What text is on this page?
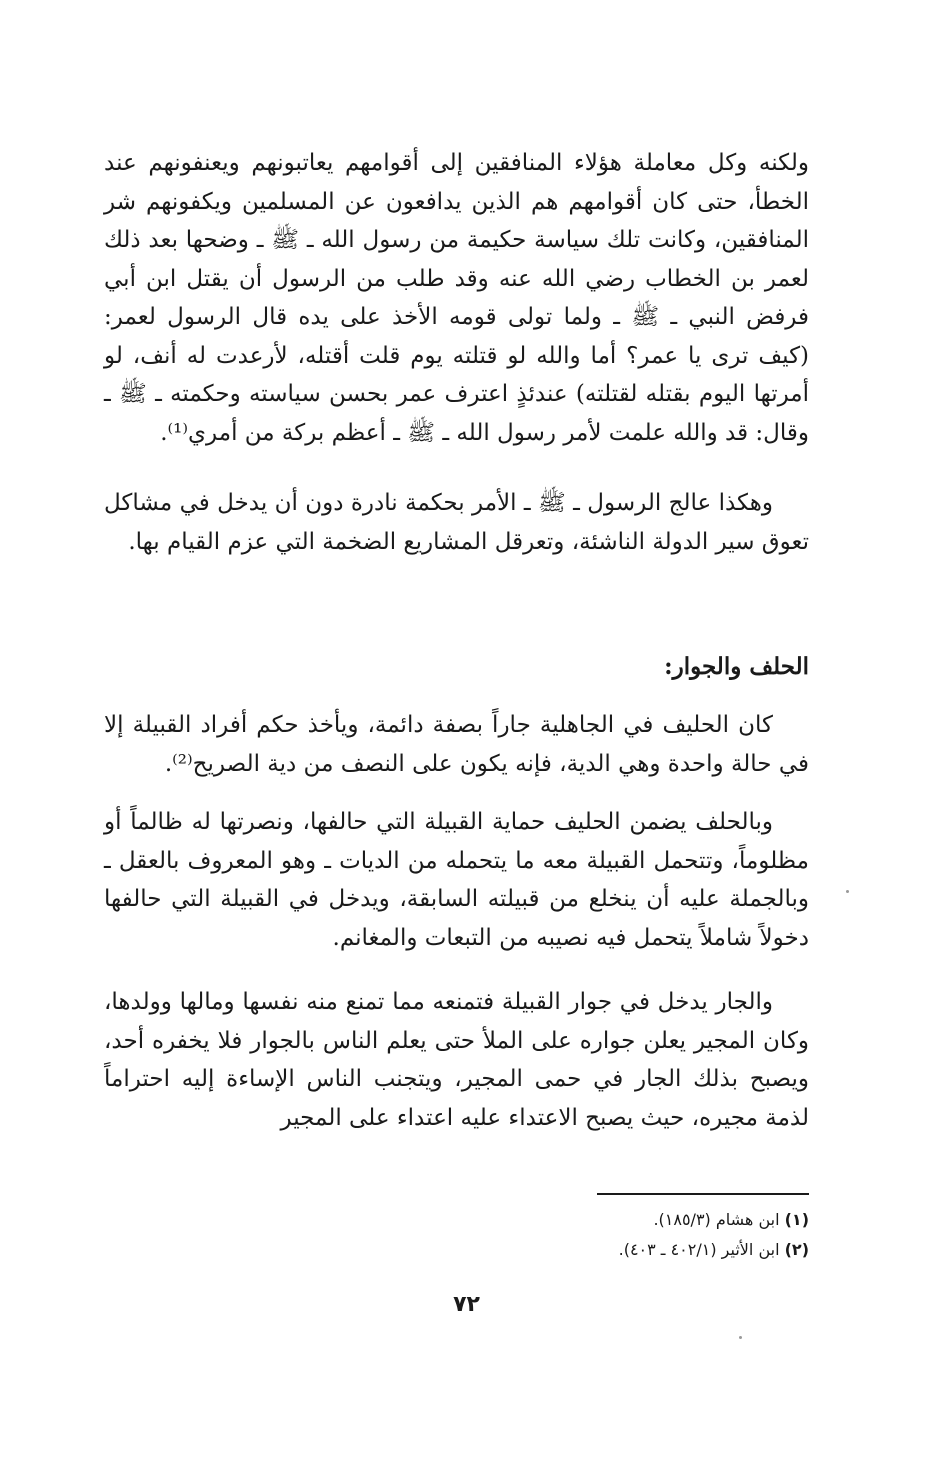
ولكنه وكل معاملة هؤلاء المنافقين إلى أقوامهم يعاتبونهم ويعنفونهم عند الخطأ، حتى كان أقوامهم هم الذين يدافعون عن المسلمين ويكفونهم شر المنافقين، وكانت تلك سياسة حكيمة من رسول الله ـ ﷺ ـ وضحها بعد ذلك لعمر بن الخطاب رضي الله عنه وقد طلب من الرسول أن يقتل ابن أبي فرفض النبي ـ ﷺ ـ ولما تولى قومه الأخذ على يده قال الرسول لعمر: (كيف ترى يا عمر؟ أما والله لو قتلته يوم قلت أقتله، لأرعدت له أنف، لو أمرتها اليوم بقتله لقتلته) عندئذٍ اعترف عمر بحسن سياسته وحكمته ـ ﷺ ـ وقال: قد والله علمت لأمر رسول الله ـ ﷺ ـ أعظم بركة من أمري⁽¹⁾.

وهكذا عالج الرسول ـ ﷺ ـ الأمر بحكمة نادرة دون أن يدخل في مشاكل تعوق سير الدولة الناشئة، وتعرقل المشاريع الضخمة التي عزم القيام بها.

الحلف والجوار:

كان الحليف في الجاهلية جاراً بصفة دائمة، ويأخذ حكم أفراد القبيلة إلا في حالة واحدة وهي الدية، فإنه يكون على النصف من دية الصريح⁽²⁾.

وبالحلف يضمن الحليف حماية القبيلة التي حالفها، ونصرتها له ظالماً أو مظلوماً، وتتحمل القبيلة معه ما يتحمله من الديات ـ وهو المعروف بالعقل ـ وبالجملة عليه أن ينخلع من قبيلته السابقة، ويدخل في القبيلة التي حالفها دخولاً شاملاً يتحمل فيه نصيبه من التبعات والمغانم.

والجار يدخل في جوار القبيلة فتمنعه مما تمنع منه نفسها ومالها وولدها، وكان المجير يعلن جواره على الملأ حتى يعلم الناس بالجوار فلا يخفره أحد، ويصبح بذلك الجار في حمى المجير، ويتجنب الناس الإساءة إليه احتراماً لذمة مجيره، حيث يصبح الاعتداء عليه اعتداء على المجير

(١) ابن هشام (١٨٥/٣).
(٢) ابن الأثير (٤٠٢/١ ـ ٤٠٣).
٧٢
